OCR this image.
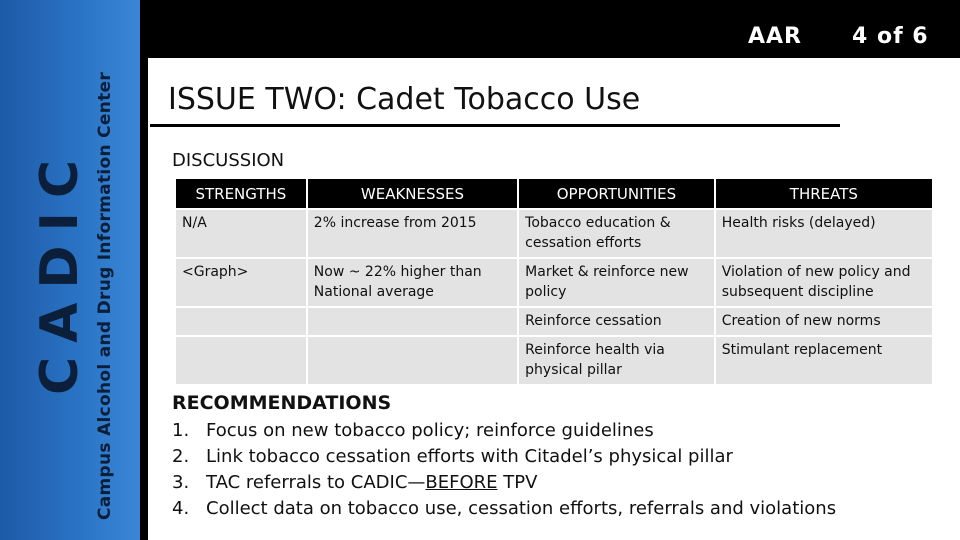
Campus Alcohol and Drug Information Center
CADIC
AAR 4 of 6
ISSUE TWO: Cadet Tobacco Use
DISCUSSION
STRENGTHS	WEAKNESSES	OPPORTUNITIES	THREATS
N/A	2% increase from 2015	Tobacco education & cessation efforts	Health risks (delayed)
<Graph>	Now ~ 22% higher than National average	Market & reinforce new policy	Violation of new policy and subsequent discipline
		Reinforce cessation	Creation of new norms
		Reinforce health via physical pillar	Stimulant replacement
RECOMMENDATIONS
1. Focus on new tobacco policy; reinforce guidelines
2. Link tobacco cessation efforts with Citadel’s physical pillar
3. TAC referrals to CADIC—BEFORE TPV
4. Collect data on tobacco use, cessation efforts, referrals and violations
